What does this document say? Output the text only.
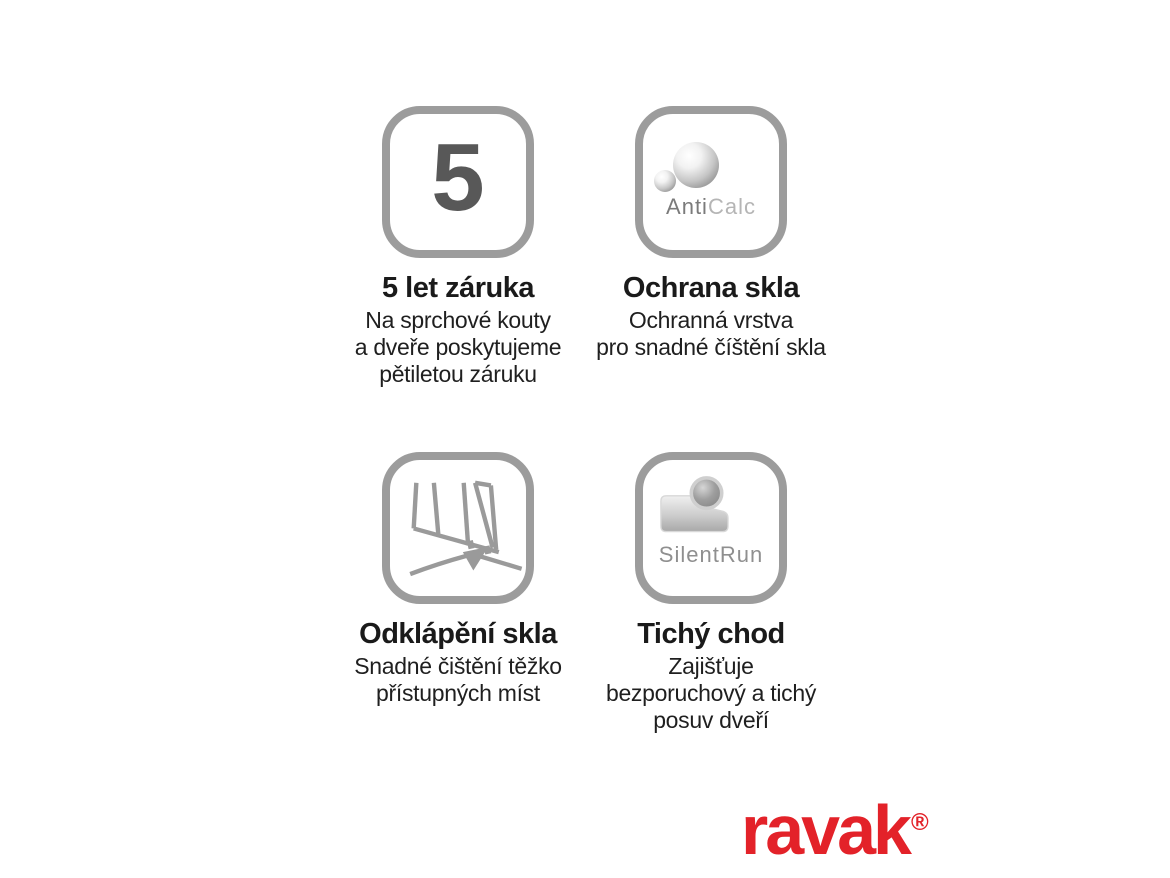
5
5 let záruka
Na sprchové kouty
a dveře poskytujeme
pětiletou záruku
AntiCalc
Ochrana skla
Ochranná vrstva
pro snadné číštění skla
Odklápění skla
Snadné čištění těžko
přístupných míst
SilentRun
Tichý chod
Zajišťuje
bezporuchový a tichý
posuv dveří
ravak ®
